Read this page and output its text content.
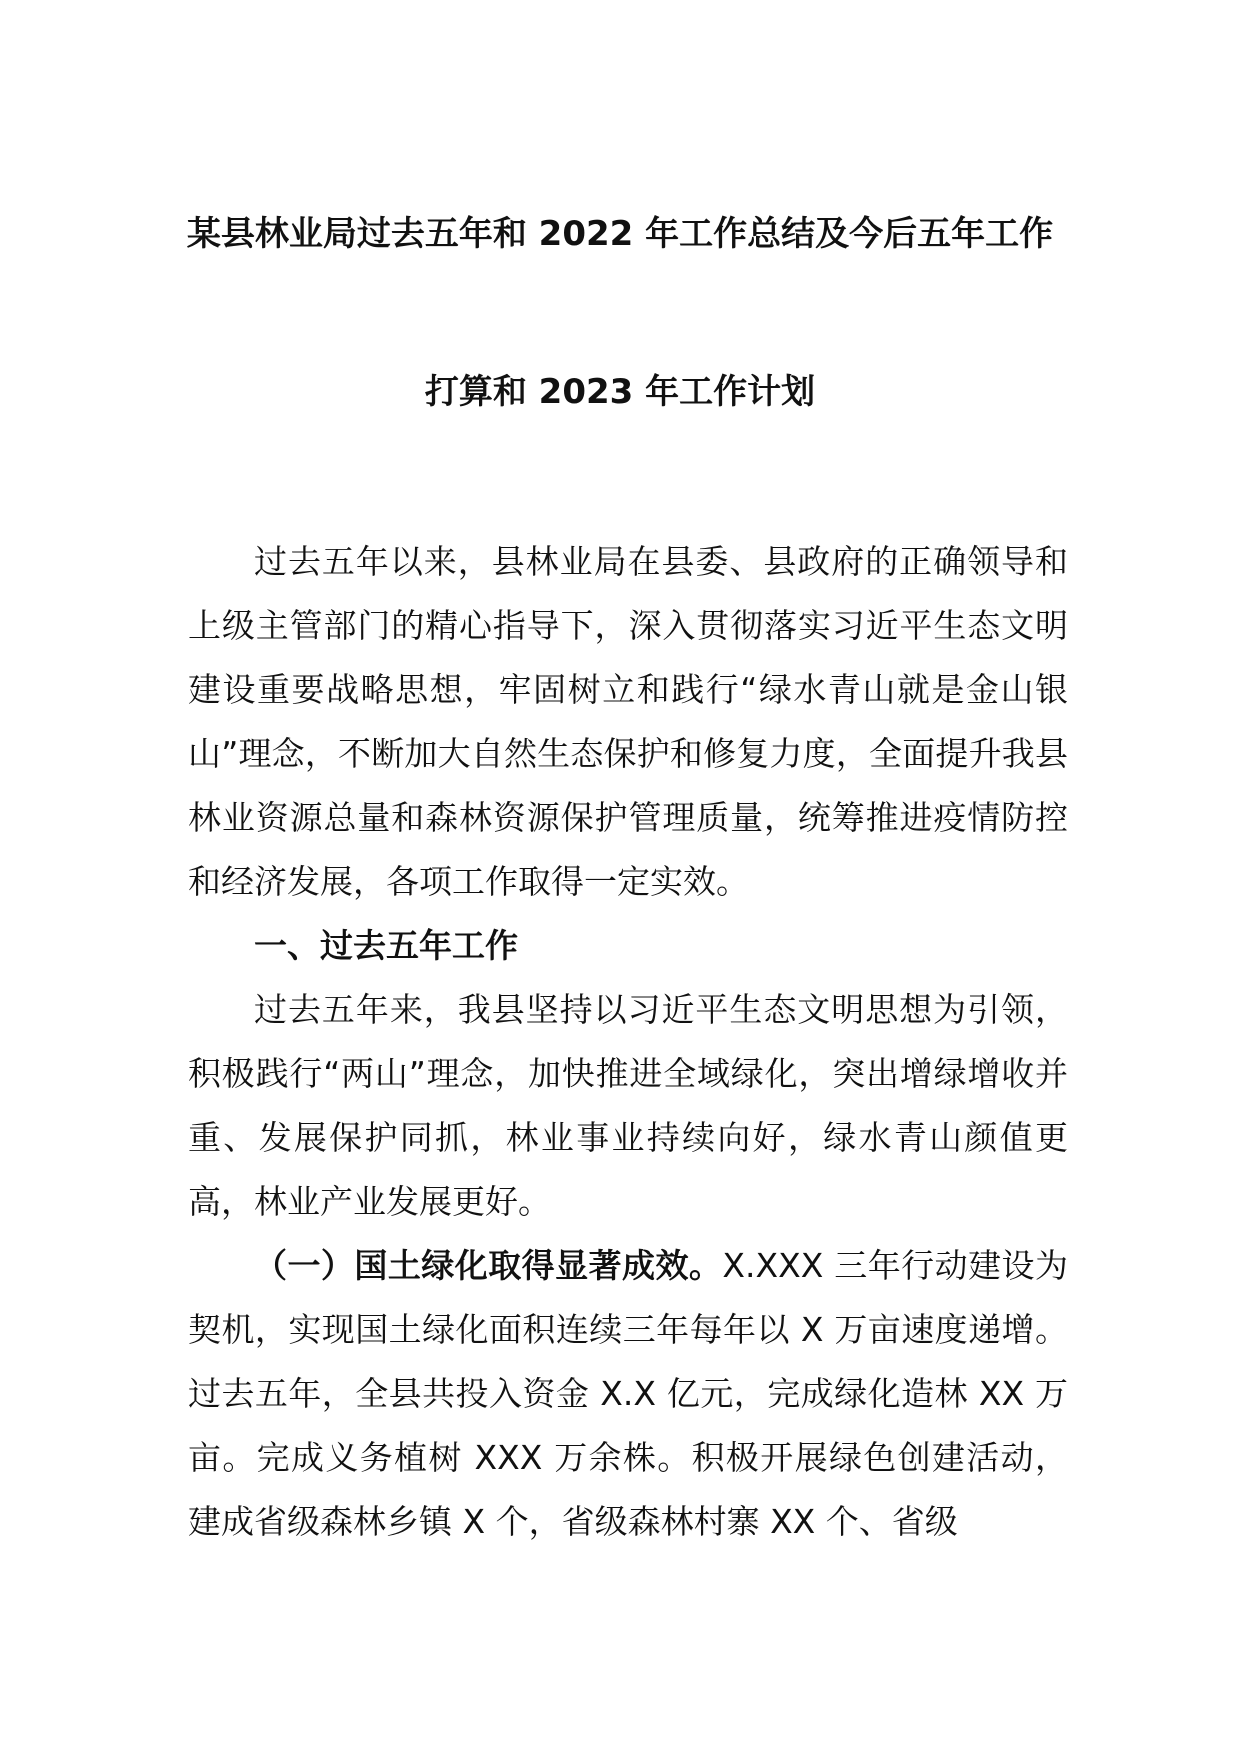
某县林业局过去五年和 2022 年工作总结及今后五年工作
打算和 2023 年工作计划

过去五年以来，县林业局在县委、县政府的正确领导和上级主管部门的精心指导下，深入贯彻落实习近平生态文明建设重要战略思想，牢固树立和践行“绿水青山就是金山银山”理念，不断加大自然生态保护和修复力度，全面提升我县林业资源总量和森林资源保护管理质量，统筹推进疫情防控和经济发展，各项工作取得一定实效。

一、过去五年工作

过去五年来，我县坚持以习近平生态文明思想为引领，积极践行“两山”理念，加快推进全域绿化，突出增绿增收并重、发展保护同抓，林业事业持续向好，绿水青山颜值更高，林业产业发展更好。

（一）国土绿化取得显著成效。X.XXX 三年行动建设为契机，实现国土绿化面积连续三年每年以 X 万亩速度递增。 过去五年，全县共投入资金 X.X 亿元，完成绿化造林 XX 万亩。完成义务植树 XXX 万余株。积极开展绿色创建活动，建成省级森林乡镇 X 个，省级森林村寨 XX 个、省级
